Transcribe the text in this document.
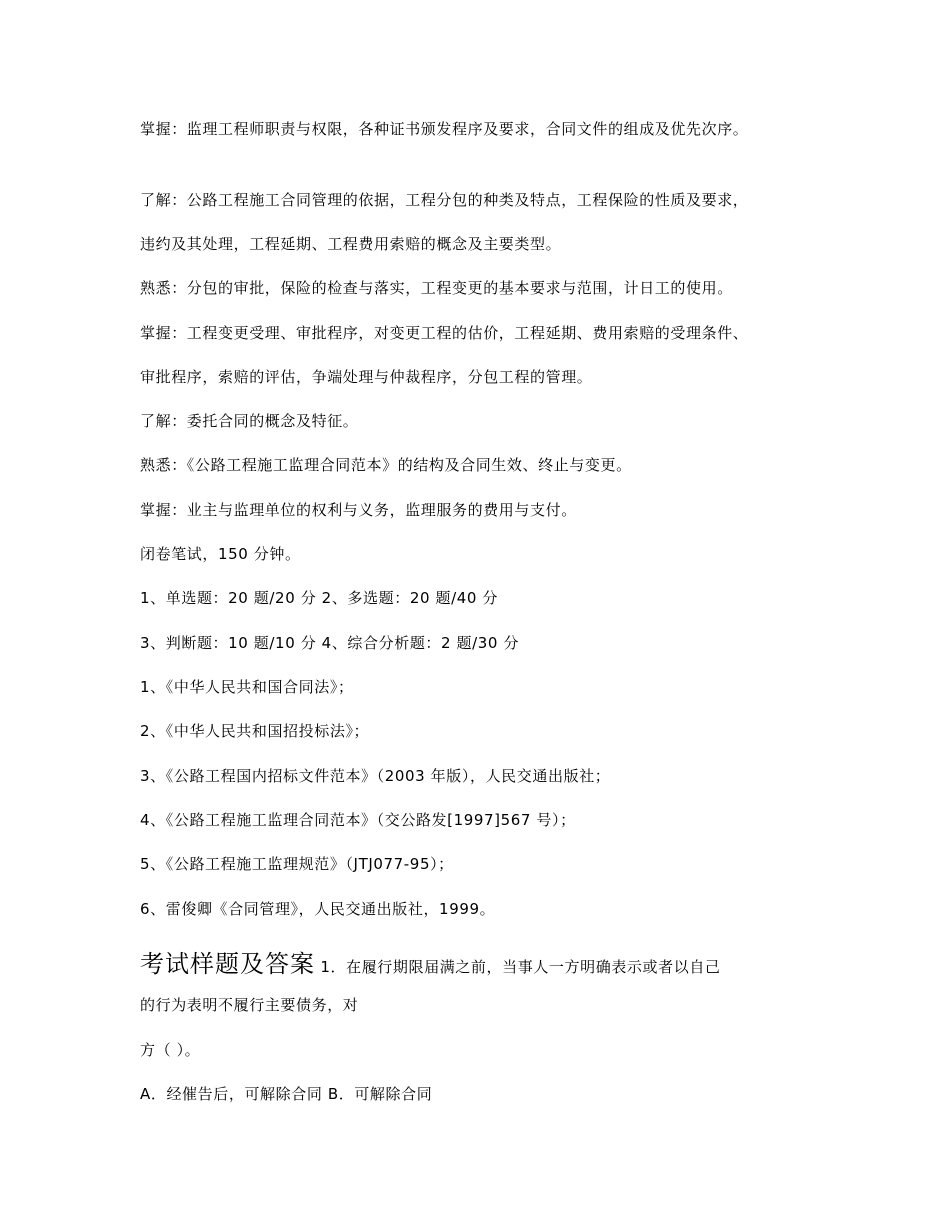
掌握：监理工程师职责与权限，各种证书颁发程序及要求，合同文件的组成及优先次序。

了解：公路工程施工合同管理的依据，工程分包的种类及特点，工程保险的性质及要求，

违约及其处理，工程延期、工程费用索赔的概念及主要类型。

熟悉：分包的审批，保险的检查与落实，工程变更的基本要求与范围，计日工的使用。

掌握：工程变更受理、审批程序，对变更工程的估价，工程延期、费用索赔的受理条件、

审批程序，索赔的评估，争端处理与仲裁程序，分包工程的管理。

了解：委托合同的概念及特征。

熟悉：《公路工程施工监理合同范本》的结构及合同生效、终止与变更。

掌握：业主与监理单位的权利与义务，监理服务的费用与支付。

闭卷笔试，150 分钟。

1、单选题：20 题/20 分 2、多选题：20 题/40 分

3、判断题：10 题/10 分 4、综合分析题：2 题/30 分

1、《中华人民共和国合同法》；

2、《中华人民共和国招投标法》；

3、《公路工程国内招标文件范本》（2003 年版），人民交通出版社；

4、《公路工程施工监理合同范本》（交公路发[1997]567 号）；

5、《公路工程施工监理规范》（JTJ077-95）；

6、雷俊卿《合同管理》，人民交通出版社，1999。

考试样题及答案 1．在履行期限届满之前，当事人一方明确表示或者以自己

的行为表明不履行主要债务，对

方（ ）。

A．经催告后，可解除合同 B．可解除合同
